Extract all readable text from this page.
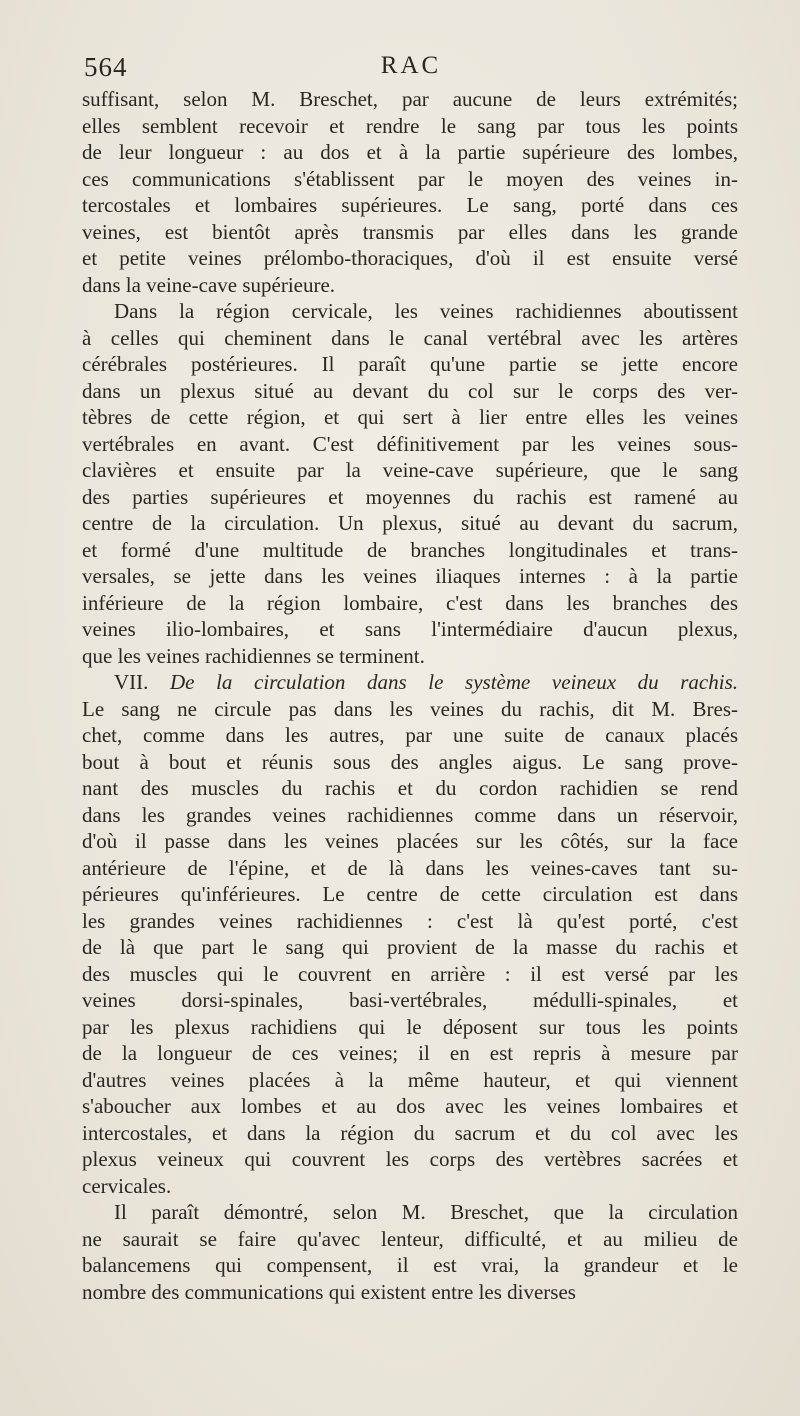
564	RAC
suffisant, selon M. Breschet, par aucune de leurs extrémités;
elles semblent recevoir et rendre le sang par tous les points
de leur longueur : au dos et à la partie supérieure des lombes,
ces communications s'établissent par le moyen des veines in-
tercostales et lombaires supérieures. Le sang, porté dans ces
veines, est bientôt après transmis par elles dans les grande
et petite veines prélombo-thoraciques, d'où il est ensuite versé
dans la veine-cave supérieure.
Dans la région cervicale, les veines rachidiennes aboutissent
à celles qui cheminent dans le canal vertébral avec les artères
cérébrales postérieures. Il paraît qu'une partie se jette encore
dans un plexus situé au devant du col sur le corps des ver-
tèbres de cette région, et qui sert à lier entre elles les veines
vertébrales en avant. C'est définitivement par les veines sous-
clavières et ensuite par la veine-cave supérieure, que le sang
des parties supérieures et moyennes du rachis est ramené au
centre de la circulation. Un plexus, situé au devant du sacrum,
et formé d'une multitude de branches longitudinales et trans-
versales, se jette dans les veines iliaques internes : à la partie
inférieure de la région lombaire, c'est dans les branches des
veines ilio-lombaires, et sans l'intermédiaire d'aucun plexus,
que les veines rachidiennes se terminent.
VII. De la circulation dans le système veineux du rachis.
Le sang ne circule pas dans les veines du rachis, dit M. Bres-
chet, comme dans les autres, par une suite de canaux placés
bout à bout et réunis sous des angles aigus. Le sang prove-
nant des muscles du rachis et du cordon rachidien se rend
dans les grandes veines rachidiennes comme dans un réservoir,
d'où il passe dans les veines placées sur les côtés, sur la face
antérieure de l'épine, et de là dans les veines-caves tant su-
périeures qu'inférieures. Le centre de cette circulation est dans
les grandes veines rachidiennes : c'est là qu'est porté, c'est
de là que part le sang qui provient de la masse du rachis et
des muscles qui le couvrent en arrière : il est versé par les
veines dorsi-spinales, basi-vertébrales, médulli-spinales, et
par les plexus rachidiens qui le déposent sur tous les points
de la longueur de ces veines; il en est repris à mesure par
d'autres veines placées à la même hauteur, et qui viennent
s'aboucher aux lombes et au dos avec les veines lombaires et
intercostales, et dans la région du sacrum et du col avec les
plexus veineux qui couvrent les corps des vertèbres sacrées et
cervicales.
Il paraît démontré, selon M. Breschet, que la circulation
ne saurait se faire qu'avec lenteur, difficulté, et au milieu de
balancemens qui compensent, il est vrai, la grandeur et le
nombre des communications qui existent entre les diverses
